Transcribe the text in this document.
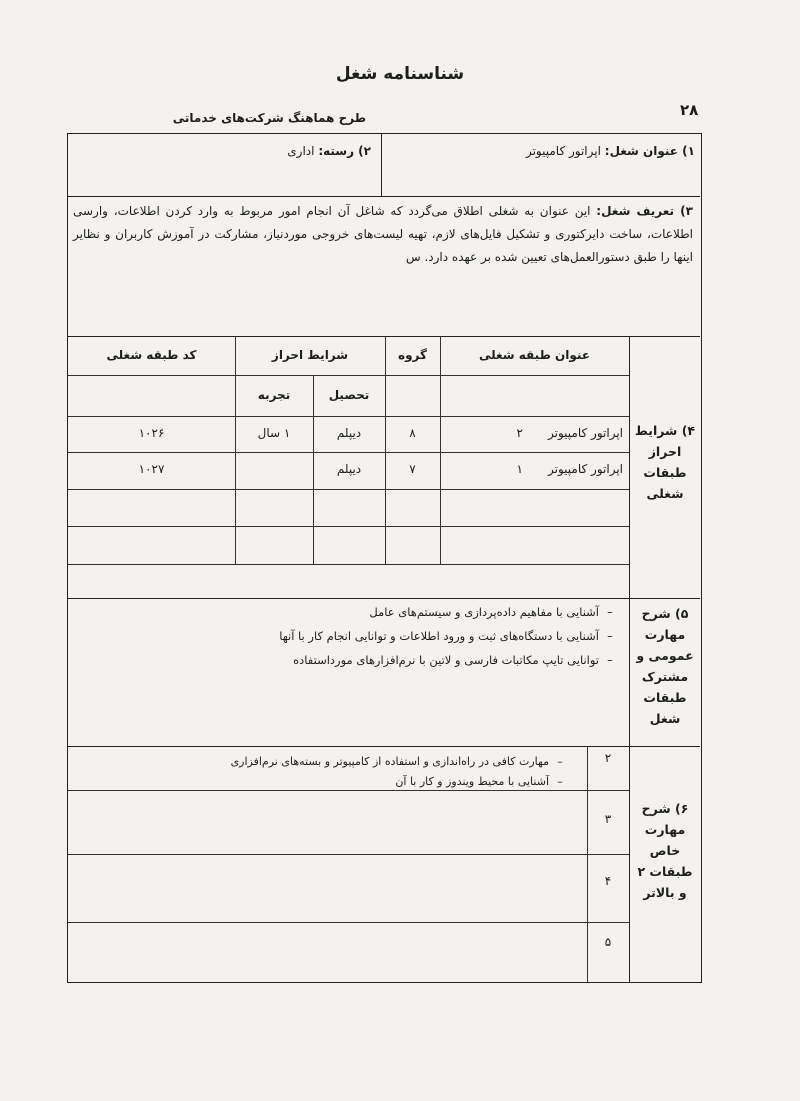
شناسنامه شغل
۲۸
طرح هماهنگ شرکت‌های خدماتی
۱) عنوان شغل: اپراتور کامپیوتر
۲) رسته: اداری
۳) تعریف شغل: این عنوان به شغلی اطلاق می‌گردد که شاغل آن انجام امور مربوط به وارد کردن اطلاعات، وارسی اطلاعات، ساخت دایرکتوری و تشکیل فایل‌های لازم، تهیه لیست‌های خروجی موردنیاز، مشارکت در آموزش کاربران و نظایر اینها را طبق دستورالعمل‌های تعیین شده بر عهده دارد. س
۴) شرایط احراز طبقات شغلی
عنوان طبقه شغلی
گروه
شرایط احراز
کد طبقه شغلی
تحصیل
تجربه
اپراتور کامپیوتر
۲
۸
دیپلم
۱ سال
۱۰۲۶
اپراتور کامپیوتر
۱
۷
دیپلم
۱۰۲۷
۵) شرح مهارت عمومی و مشترک طبقات شغل
–آشنایی با مفاهیم داده‌پردازی و سیستم‌های عامل
–آشنایی با دستگاه‌های ثبت و ورود اطلاعات و توانایی انجام کار با آنها
–توانایی تایپ مکاتبات فارسی و لاتین با نرم‌افزارهای مورداستفاده
۶) شرح مهارت خاص طبقات ۲ و بالاتر
۲
۳
۴
۵
–مهارت کافی در راه‌اندازی و استفاده از کامپیوتر و بسته‌های نرم‌افزاری
–آشنایی با محیط ویندوز و کار با آن
